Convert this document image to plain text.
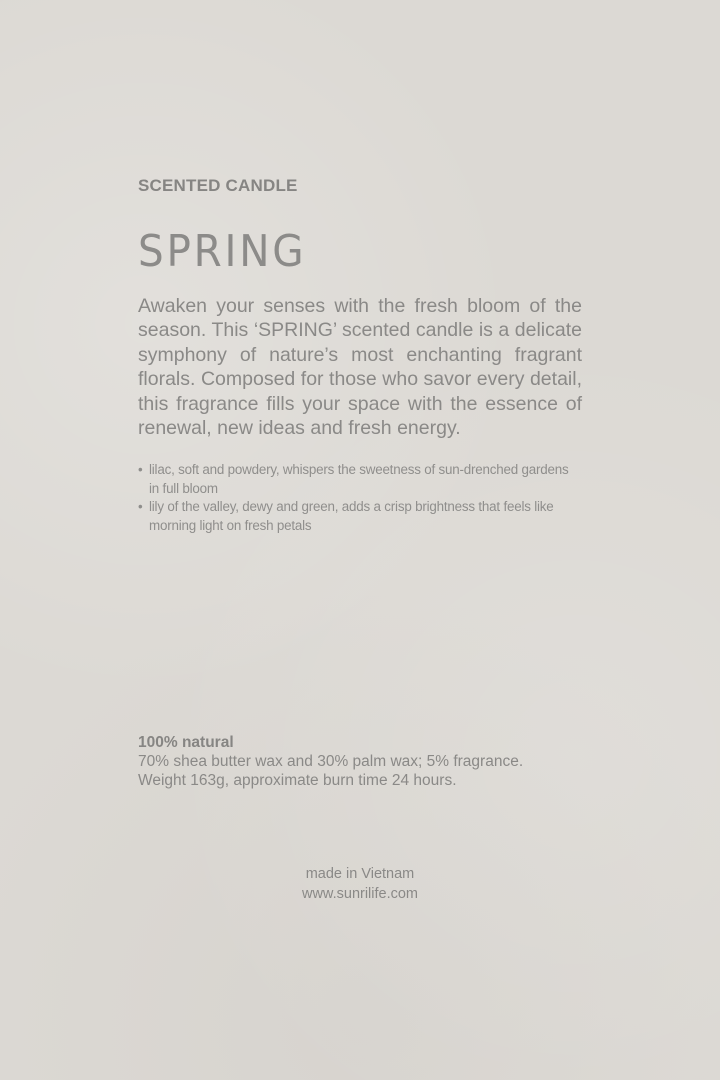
SCENTED CANDLE
SPRING

Awaken your senses with the fresh bloom of the season. This ‘SPRING’ scented candle is a delicate symphony of nature’s most enchanting fragrant florals. Composed for those who savor every detail, this fragrance fills your space with the essence of renewal, new ideas and fresh energy.

• lilac, soft and powdery, whispers the sweetness of sun-drenched gardens in full bloom
• lily of the valley, dewy and green, adds a crisp brightness that feels like morning light on fresh petals
100% natural
70% shea butter wax and 30% palm wax; 5% fragrance.
Weight 163g, approximate burn time 24 hours.
made in Vietnam
www.sunrilife.com
